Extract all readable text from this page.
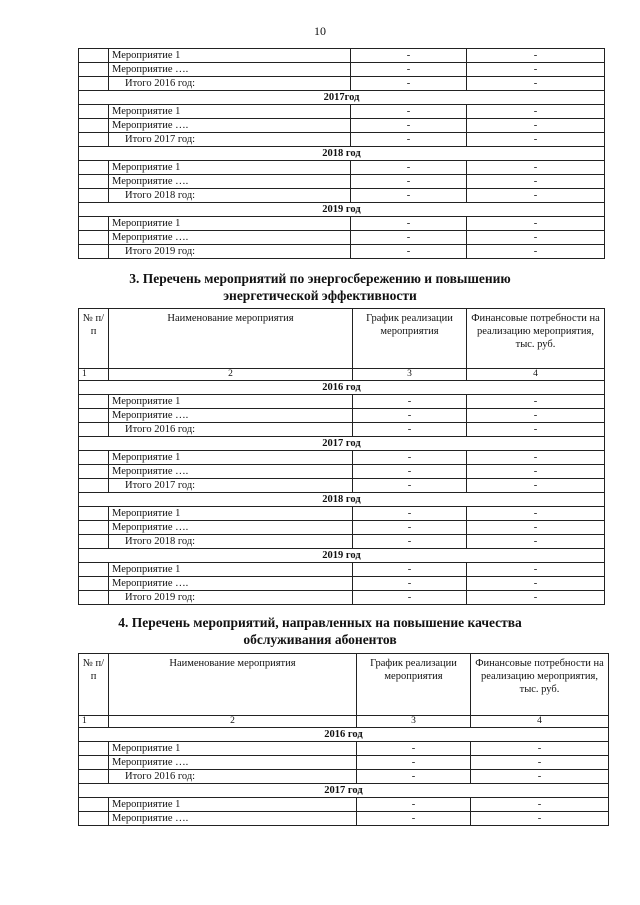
10
	Мероприятие 1	-	-
	Мероприятие ….	-	-
	Итого 2016 год:	-	-
2017год			
	Мероприятие 1	-	-
	Мероприятие ….	-	-
	Итого 2017 год:	-	-
2018 год			
	Мероприятие 1	-	-
	Мероприятие ….	-	-
	Итого 2018 год:	-	-
2019 год			
	Мероприятие 1	-	-
	Мероприятие ….	-	-
	Итого 2019 год:	-	-
3. Перечень мероприятий по энергосбережению и повышению
энергетической эффективности
№ п/п	Наименование мероприятия	График реализации мероприятия	Финансовые потребности на реализацию мероприятия, тыс. руб.
1	2	3	4
2016 год			
	Мероприятие 1	-	-
	Мероприятие ….	-	-
	Итого 2016 год:	-	-
2017 год			
	Мероприятие 1	-	-
	Мероприятие ….	-	-
	Итого 2017 год:	-	-
2018 год			
	Мероприятие 1	-	-
	Мероприятие ….	-	-
	Итого 2018 год:	-	-
2019 год			
	Мероприятие 1	-	-
	Мероприятие ….	-	-
	Итого 2019 год:	-	-
4. Перечень мероприятий, направленных на повышение качества
обслуживания абонентов
№ п/п	Наименование мероприятия	График реализации мероприятия	Финансовые потребности на реализацию мероприятия, тыс. руб.
1	2	3	4
2016 год			
	Мероприятие 1	-	-
	Мероприятие ….	-	-
	Итого 2016 год:	-	-
2017 год			
	Мероприятие 1	-	-
	Мероприятие ….	-	-
